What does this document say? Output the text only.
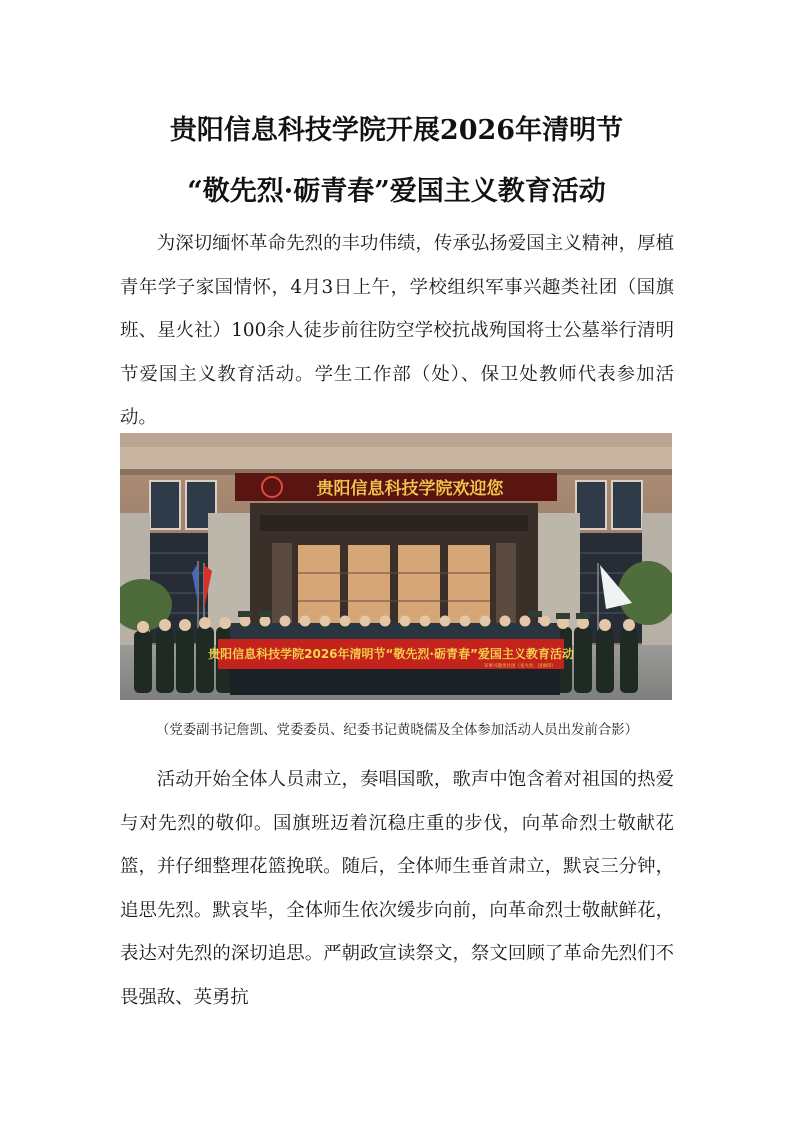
贵阳信息科技学院开展2026年清明节
“敬先烈·砺青春”爱国主义教育活动
为深切缅怀革命先烈的丰功伟绩，传承弘扬爱国主义精神，厚植青年学子家国情怀，4月3日上午，学校组织军事兴趣类社团（国旗班、星火社）100余人徒步前往防空学校抗战殉国将士公墓举行清明节爱国主义教育活动。学生工作部（处）、保卫处教师代表参加活动。
贵阳信息科技学院欢迎您
贵阳信息科技学院2026年清明节“敬先烈·砺青春”爱国主义教育活动
军事兴趣类社团（星火社、国旗班）
（党委副书记詹凯、党委委员、纪委书记黄晓儒及全体参加活动人员出发前合影）
活动开始全体人员肃立，奏唱国歌，歌声中饱含着对祖国的热爱与对先烈的敬仰。国旗班迈着沉稳庄重的步伐，向革命烈士敬献花篮，并仔细整理花篮挽联。随后，全体师生垂首肃立，默哀三分钟，追思先烈。默哀毕，全体师生依次缓步向前，向革命烈士敬献鲜花，表达对先烈的深切追思。严朝政宣读祭文，祭文回顾了革命先烈们不畏强敌、英勇抗
